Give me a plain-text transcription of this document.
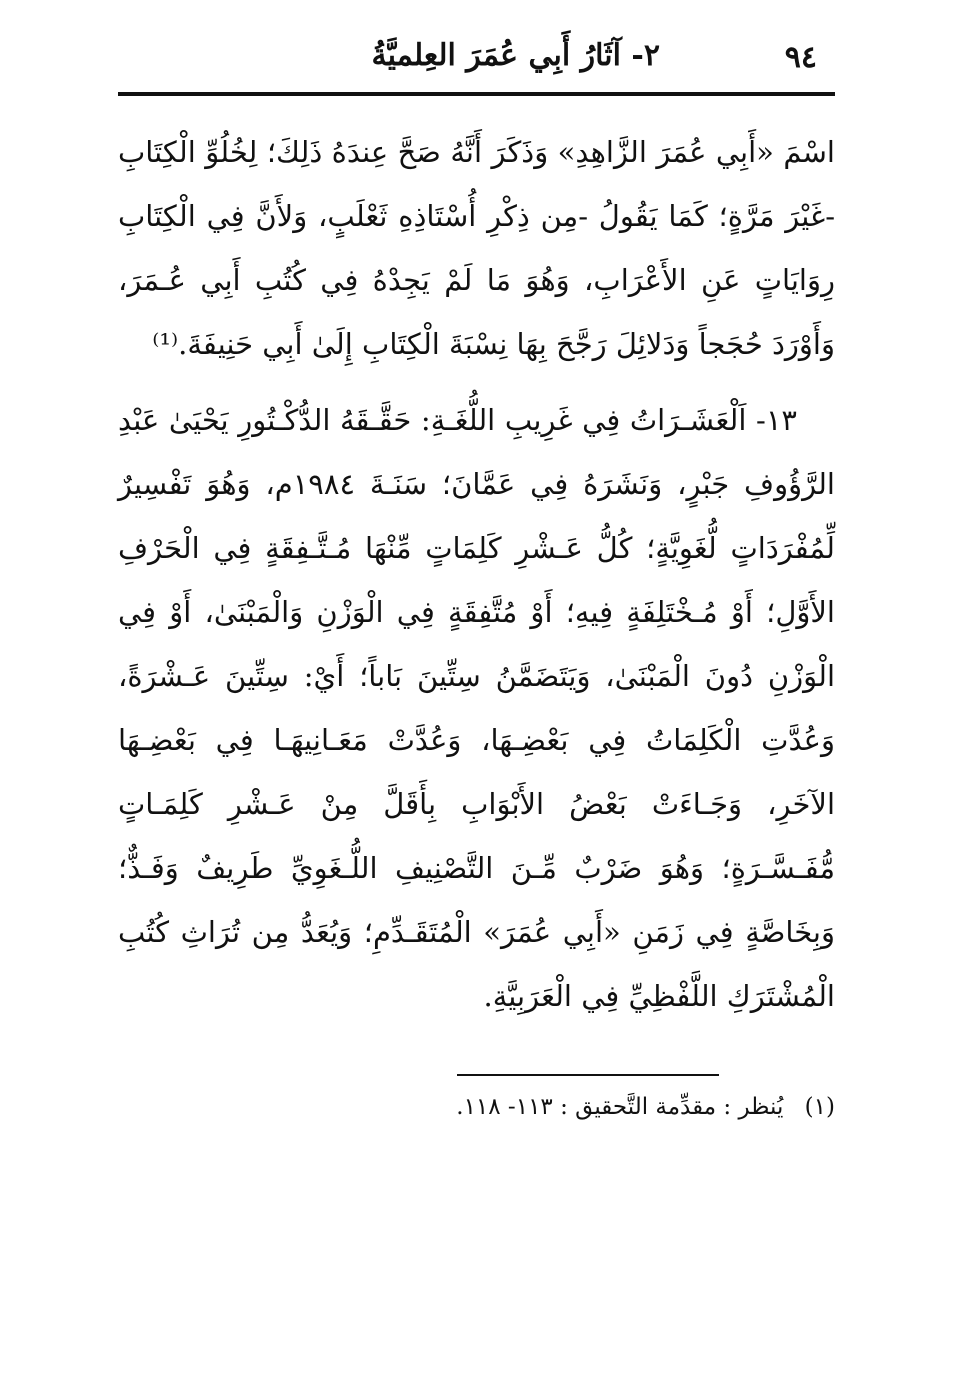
٩٤
٢- آثَارُ أَبِي عُمَرَ العِلميَّةُ

اسْمَ «أَبِي عُمَرَ الزَّاهِدِ» وَذَكَرَ أَنَّهُ صَحَّ عِندَهُ ذَلِكَ؛ لِخُلُوِّ الْكِتَابِ -غَيْرَ مَرَّةٍ؛ كَمَا يَقُولُ -مِن ذِكْرِ أُسْتَاذِهِ ثَعْلَبٍ، وَلأَنَّ فِي الْكِتَابِ رِوَايَاتٍ عَنِ الأَعْرَابِ، وَهُوَ مَا لَمْ يَجِدْهُ فِي كُتُبِ أَبِي عُـمَرَ، وَأَوْرَدَ حُجَجاً وَدَلائِلَ رَجَّحَ بِهَا نِسْبَةَ الْكِتَابِ إِلَىٰ أَبِي حَنِيفَةَ.⁽¹⁾

١٣- اَلْعَشَـرَاتُ فِي غَرِيبِ اللُّغَـةِ: حَقَّـقَهُ الدُّكْـتُورِ يَحْيَىٰ عَبْدِ الرَّؤُوفِ جَبْرٍ، وَنَشَرَهُ فِي عَمَّانَ؛ سَنَـةَ ١٩٨٤م، وَهُوَ تَفْسِيرٌ لِّمُفْرَدَاتٍ لُّغَوِيَّةٍ؛ كُلُّ عَـشْرِ كَلِمَاتٍ مِّنْهَا مُـتَّـفِقَةٍ فِي الْحَرْفِ الأَوَّلِ؛ أَوْ مُـخْتَلِفَةٍ فِيهِ؛ أَوْ مُتَّفِقَةٍ فِي الْوَزْنِ وَالْمَبْنَىٰ، أَوْ فِي الْوَزْنِ دُونَ الْمَبْنَىٰ، وَيَتَضَمَّنُ سِتِّينَ بَاباً؛ أَيْ: سِتِّينَ عَـشْرَةً، وَعُدَّتِ الْكَلِمَاتُ فِي بَعْضِـهَا، وَعُدَّتْ مَعَـانِيهَـا فِي بَعْضِـهَا الآخَرِ، وَجَـاءَتْ بَعْضُ الأَبْوَابِ بِأَقَلَّ مِنْ عَـشْرِ كَلِمَـاتٍ مُّفَـسَّـرَةٍ؛ وَهُوَ ضَرْبٌ مِّـنَ التَّصْنِيفِ اللُّـغَوِيِّ طَرِيفٌ وَفَـذٌّ؛ وَبِخَاصَّةٍ فِي زَمَنِ «أَبِي عُمَرَ» الْمُتَقَـدِّمِ؛ وَيُعَدُّ مِن تُرَاثِ كُتُبِ الْمُشْتَرَكِ اللَّفْظِيِّ فِي الْعَرَبِيَّةِ.

(١) يُنظر : مقدِّمة التَّحقيق : ١١٣- ١١٨.
